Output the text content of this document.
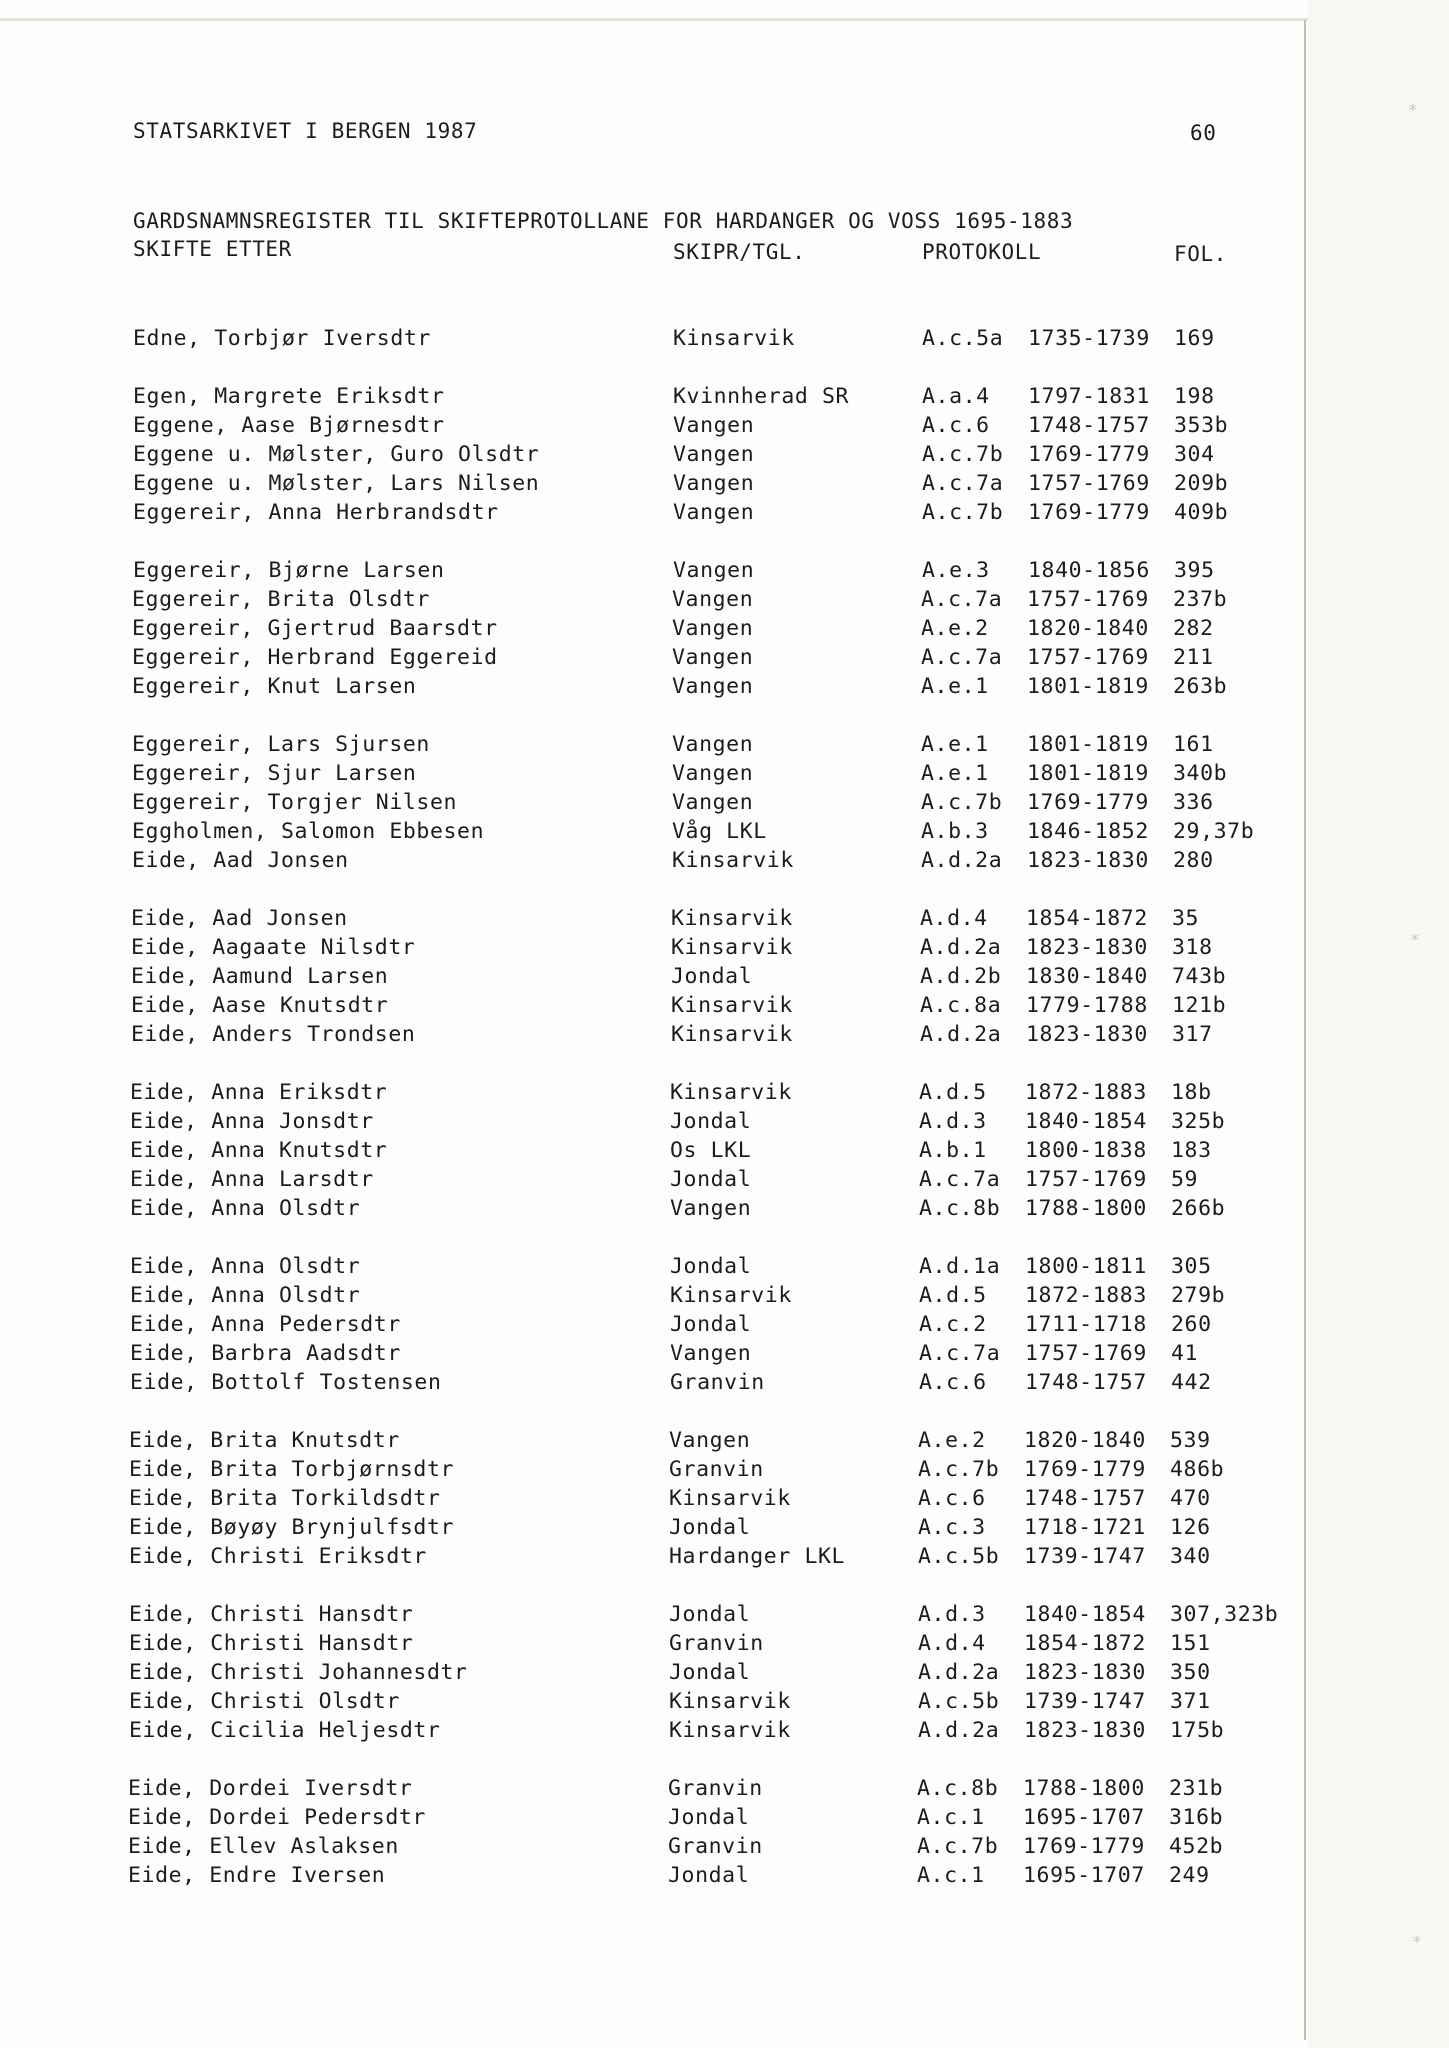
*
*
*
STATSARKIVET I BERGEN 1987	60
GARDSNAMNSREGISTER TIL SKIFTEPROTOLLANE FOR HARDANGER OG VOSS 1695-1883
SKIFTE ETTER	SKIPR/TGL.	PROTOKOLL	FOL.
Edne, Torbjør Iversdtr	Kinsarvik	A.c.5a 1735-1739 169
Egen, Margrete Eriksdtr	Kvinnherad SR	A.a.4 1797-1831 198
Eggene, Aase Bjørnesdtr	Vangen	A.c.6 1748-1757 353b
Eggene u. Mølster, Guro Olsdtr	Vangen	A.c.7b 1769-1779 304
Eggene u. Mølster, Lars Nilsen	Vangen	A.c.7a 1757-1769 209b
Eggereir, Anna Herbrandsdtr	Vangen	A.c.7b 1769-1779 409b
Eggereir, Bjørne Larsen	Vangen	A.e.3 1840-1856 395
Eggereir, Brita Olsdtr	Vangen	A.c.7a 1757-1769 237b
Eggereir, Gjertrud Baarsdtr	Vangen	A.e.2 1820-1840 282
Eggereir, Herbrand Eggereid	Vangen	A.c.7a 1757-1769 211
Eggereir, Knut Larsen	Vangen	A.e.1 1801-1819 263b
Eggereir, Lars Sjursen	Vangen	A.e.1 1801-1819 161
Eggereir, Sjur Larsen	Vangen	A.e.1 1801-1819 340b
Eggereir, Torgjer Nilsen	Vangen	A.c.7b 1769-1779 336
Eggholmen, Salomon Ebbesen	Våg LKL	A.b.3 1846-1852 29,37b
Eide, Aad Jonsen	Kinsarvik	A.d.2a 1823-1830 280
Eide, Aad Jonsen	Kinsarvik	A.d.4 1854-1872 35
Eide, Aagaate Nilsdtr	Kinsarvik	A.d.2a 1823-1830 318
Eide, Aamund Larsen	Jondal	A.d.2b 1830-1840 743b
Eide, Aase Knutsdtr	Kinsarvik	A.c.8a 1779-1788 121b
Eide, Anders Trondsen	Kinsarvik	A.d.2a 1823-1830 317
Eide, Anna Eriksdtr	Kinsarvik	A.d.5 1872-1883 18b
Eide, Anna Jonsdtr	Jondal	A.d.3 1840-1854 325b
Eide, Anna Knutsdtr	Os LKL	A.b.1 1800-1838 183
Eide, Anna Larsdtr	Jondal	A.c.7a 1757-1769 59
Eide, Anna Olsdtr	Vangen	A.c.8b 1788-1800 266b
Eide, Anna Olsdtr	Jondal	A.d.1a 1800-1811 305
Eide, Anna Olsdtr	Kinsarvik	A.d.5 1872-1883 279b
Eide, Anna Pedersdtr	Jondal	A.c.2 1711-1718 260
Eide, Barbra Aadsdtr	Vangen	A.c.7a 1757-1769 41
Eide, Bottolf Tostensen	Granvin	A.c.6 1748-1757 442
Eide, Brita Knutsdtr	Vangen	A.e.2 1820-1840 539
Eide, Brita Torbjørnsdtr	Granvin	A.c.7b 1769-1779 486b
Eide, Brita Torkildsdtr	Kinsarvik	A.c.6 1748-1757 470
Eide, Bøyøy Brynjulfsdtr	Jondal	A.c.3 1718-1721 126
Eide, Christi Eriksdtr	Hardanger LKL	A.c.5b 1739-1747 340
Eide, Christi Hansdtr	Jondal	A.d.3 1840-1854 307,323b
Eide, Christi Hansdtr	Granvin	A.d.4 1854-1872 151
Eide, Christi Johannesdtr	Jondal	A.d.2a 1823-1830 350
Eide, Christi Olsdtr	Kinsarvik	A.c.5b 1739-1747 371
Eide, Cicilia Heljesdtr	Kinsarvik	A.d.2a 1823-1830 175b
Eide, Dordei Iversdtr	Granvin	A.c.8b 1788-1800 231b
Eide, Dordei Pedersdtr	Jondal	A.c.1 1695-1707 316b
Eide, Ellev Aslaksen	Granvin	A.c.7b 1769-1779 452b
Eide, Endre Iversen	Jondal	A.c.1 1695-1707 249
